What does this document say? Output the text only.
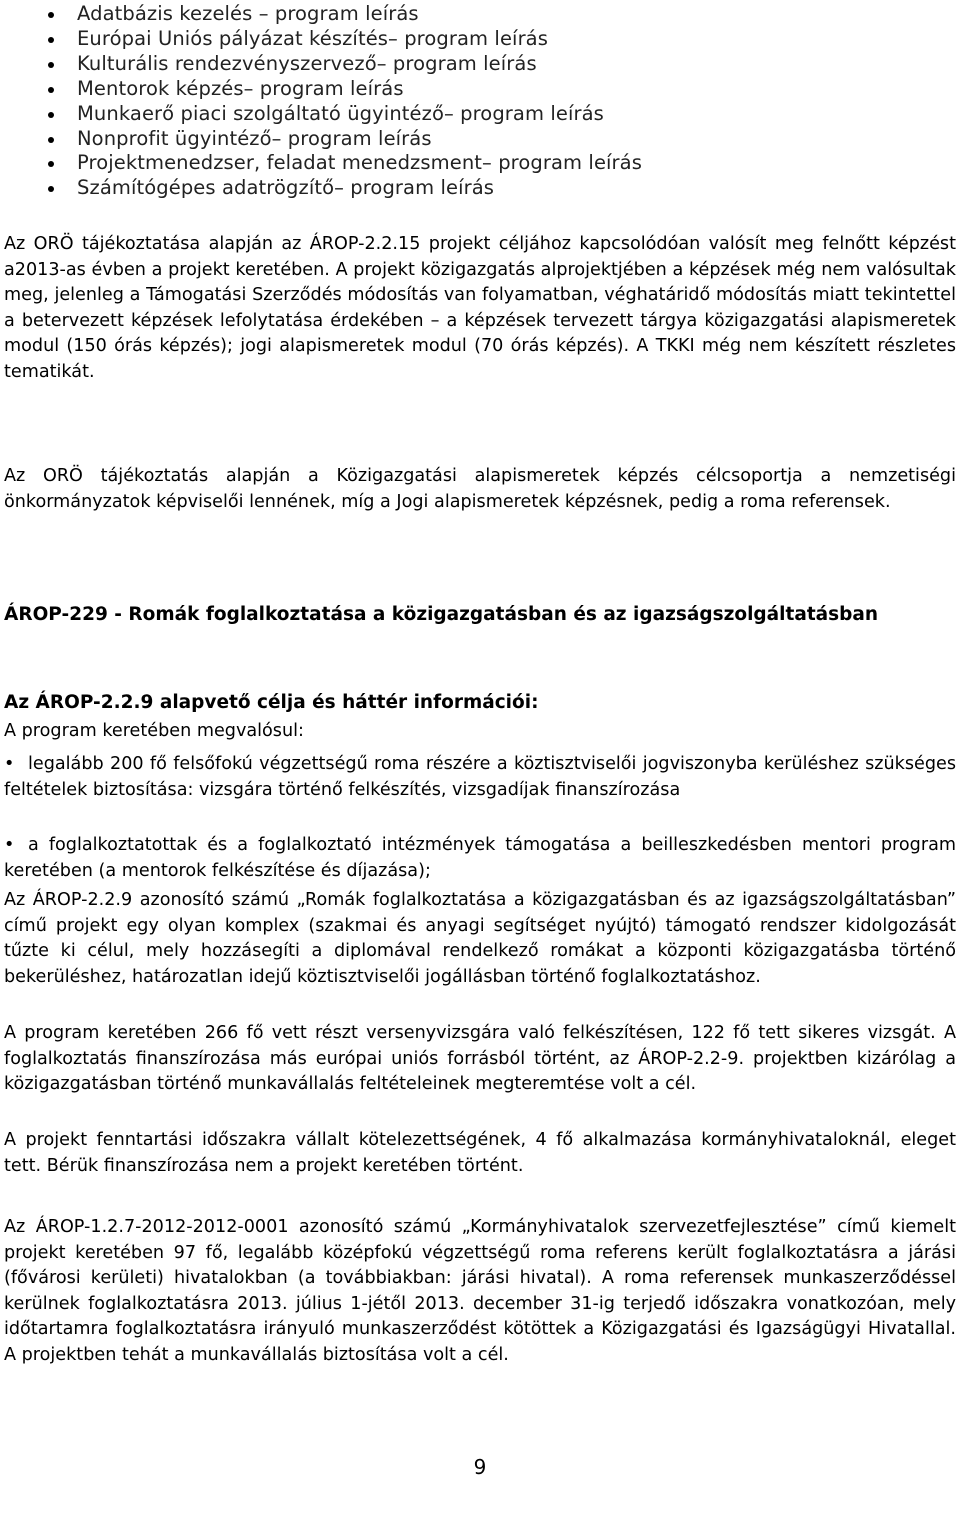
Adatbázis kezelés – program leírás
Európai Uniós pályázat készítés– program leírás
Kulturális rendezvényszervező– program leírás
Mentorok képzés– program leírás
Munkaerő piaci szolgáltató ügyintéző– program leírás
Nonprofit ügyintéző– program leírás
Projektmenedzser, feladat menedzsment– program leírás
Számítógépes adatrögzítő– program leírás

Az ORÖ tájékoztatása alapján az ÁROP-2.2.15 projekt céljához kapcsolódóan valósít meg felnőtt képzést a2013-as évben a projekt keretében. A projekt közigazgatás alprojektjében a képzések még nem valósultak meg, jelenleg a Támogatási Szerződés módosítás van folyamatban, véghatáridő módosítás miatt tekintettel a betervezett képzések lefolytatása érdekében – a képzések tervezett tárgya közigazgatási alapismeretek modul (150 órás képzés); jogi alapismeretek modul (70 órás képzés). A TKKI még nem készített részletes tematikát.

Az ORÖ tájékoztatás alapján a Közigazgatási alapismeretek képzés célcsoportja a nemzetiségi önkormányzatok képviselői lennének, míg a Jogi alapismeretek képzésnek, pedig a roma referensek.

ÁROP-229 - Romák foglalkoztatása a közigazgatásban és az igazságszolgáltatásban

Az ÁROP-2.2.9 alapvető célja és háttér információi:

A program keretében megvalósul:

• legalább 200 fő felsőfokú végzettségű roma részére a köztisztviselői jogviszonyba kerüléshez szükséges feltételek biztosítása: vizsgára történő felkészítés, vizsgadíjak finanszírozása

• a foglalkoztatottak és a foglalkoztató intézmények támogatása a beilleszkedésben mentori program keretében (a mentorok felkészítése és díjazása);

Az ÁROP-2.2.9 azonosító számú „Romák foglalkoztatása a közigazgatásban és az igazságszolgáltatásban” című projekt egy olyan komplex (szakmai és anyagi segítséget nyújtó) támogató rendszer kidolgozását tűzte ki célul, mely hozzásegíti a diplomával rendelkező romákat a központi közigazgatásba történő bekerüléshez, határozatlan idejű köztisztviselői jogállásban történő foglalkoztatáshoz.

A program keretében 266 fő vett részt versenyvizsgára való felkészítésen, 122 fő tett sikeres vizsgát. A foglalkoztatás finanszírozása más európai uniós forrásból történt, az ÁROP-2.2-9. projektben kizárólag a közigazgatásban történő munkavállalás feltételeinek megteremtése volt a cél.

A projekt fenntartási időszakra vállalt kötelezettségének, 4 fő alkalmazása kormányhivataloknál, eleget tett. Bérük finanszírozása nem a projekt keretében történt.

Az ÁROP-1.2.7-2012-2012-0001 azonosító számú „Kormányhivatalok szervezetfejlesztése” című kiemelt projekt keretében 97 fő, legalább középfokú végzettségű roma referens került foglalkoztatásra a járási (fővárosi kerületi) hivatalokban (a továbbiakban: járási hivatal). A roma referensek munkaszerződéssel kerülnek foglalkoztatásra 2013. július 1-jétől 2013. december 31-ig terjedő időszakra vonatkozóan, mely időtartamra foglalkoztatásra irányuló munkaszerződést kötöttek a Közigazgatási és Igazságügyi Hivatallal. A projektben tehát a munkavállalás biztosítása volt a cél.

9
